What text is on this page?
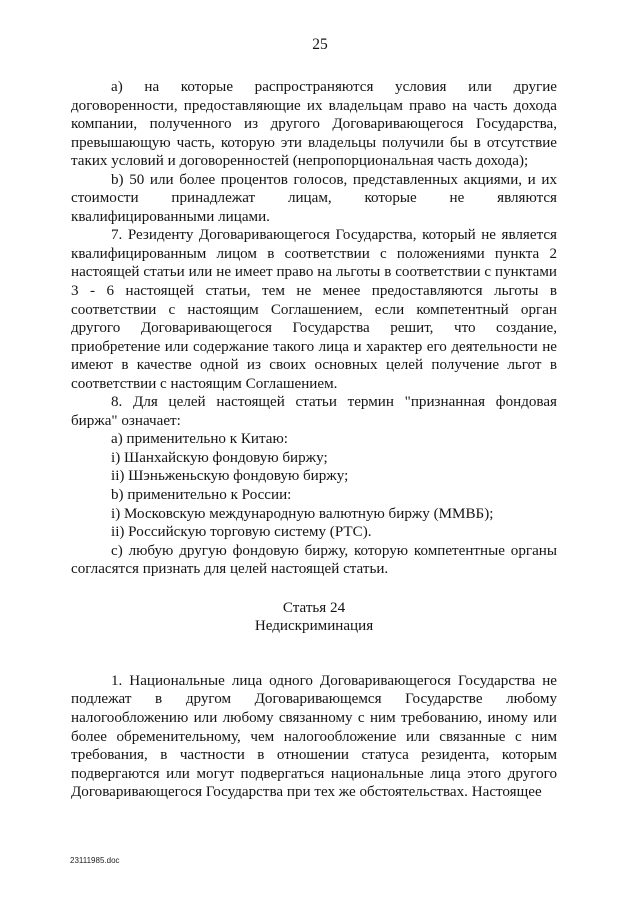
25

а) на которые распространяются условия или другие договоренности, предоставляющие их владельцам право на часть дохода компании, полученного из другого Договаривающегося Государства, превышающую часть, которую эти владельцы получили бы в отсутствие таких условий и договоренностей (непропорциональная часть дохода);

b) 50 или более процентов голосов, представленных акциями, и их стоимости принадлежат лицам, которые не являются квалифицированными лицами.

7. Резиденту Договаривающегося Государства, который не является квалифицированным лицом в соответствии с положениями пункта 2 настоящей статьи или не имеет право на льготы в соответствии с пунктами 3 - 6 настоящей статьи, тем не менее предоставляются льготы в соответствии с настоящим Соглашением, если компетентный орган другого Договаривающегося Государства решит, что создание, приобретение или содержание такого лица и характер его деятельности не имеют в качестве одной из своих основных целей получение льгот в соответствии с настоящим Соглашением.

8. Для целей настоящей статьи термин "признанная фондовая биржа" означает:

а) применительно к Китаю:

i) Шанхайскую фондовую биржу;

ii) Шэньженьскую фондовую биржу;

b) применительно к России:

i) Московскую международную валютную биржу (ММВБ);

ii) Российскую торговую систему (РТС).

с) любую другую фондовую биржу, которую компетентные органы согласятся признать для целей настоящей статьи.

Статья 24
Недискриминация

1. Национальные лица одного Договаривающегося Государства не подлежат в другом Договаривающемся Государстве любому налогообложению или любому связанному с ним требованию, иному или более обременительному, чем налогообложение или связанные с ним требования, в частности в отношении статуса резидента, которым подвергаются или могут подвергаться национальные лица этого другого Договаривающегося Государства при тех же обстоятельствах. Настоящее

23111985.doc
